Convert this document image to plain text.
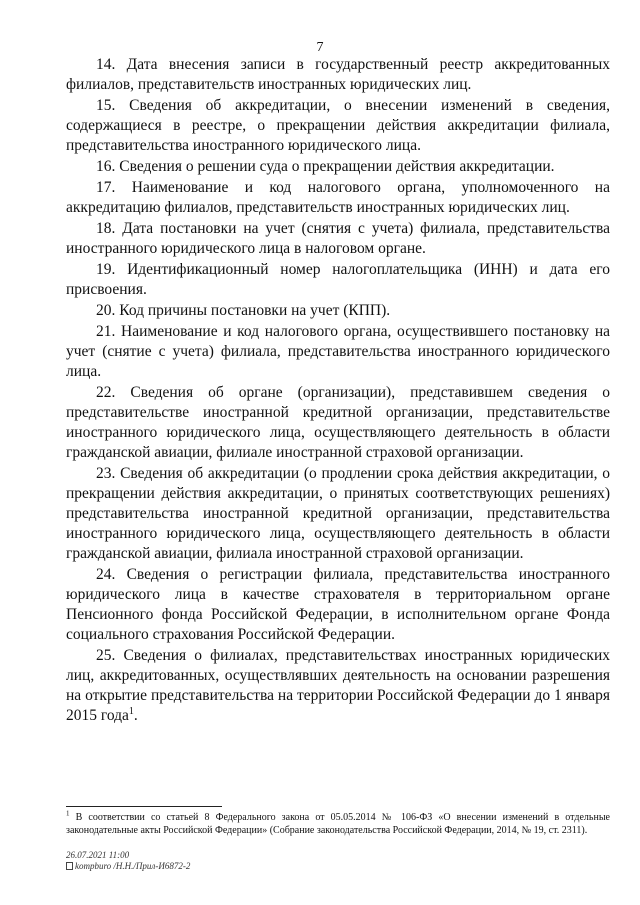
7

14. Дата внесения записи в государственный реестр аккредитованных филиалов, представительств иностранных юридических лиц.

15. Сведения об аккредитации, о внесении изменений в сведения, содержащиеся в реестре, о прекращении действия аккредитации филиала, представительства иностранного юридического лица.

16. Сведения о решении суда о прекращении действия аккредитации.

17. Наименование и код налогового органа, уполномоченного на аккредитацию филиалов, представительств иностранных юридических лиц.

18. Дата постановки на учет (снятия с учета) филиала, представительства иностранного юридического лица в налоговом органе.

19. Идентификационный номер налогоплательщика (ИНН) и дата его присвоения.

20. Код причины постановки на учет (КПП).

21. Наименование и код налогового органа, осуществившего постановку на учет (снятие с учета) филиала, представительства иностранного юридического лица.

22. Сведения об органе (организации), представившем сведения о представительстве иностранной кредитной организации, представительстве иностранного юридического лица, осуществляющего деятельность в области гражданской авиации, филиале иностранной страховой организации.

23. Сведения об аккредитации (о продлении срока действия аккредитации, о прекращении действия аккредитации, о принятых соответствующих решениях) представительства иностранной кредитной организации, представительства иностранного юридического лица, осуществляющего деятельность в области гражданской авиации, филиала иностранной страховой организации.

24. Сведения о регистрации филиала, представительства иностранного юридического лица в качестве страхователя в территориальном органе Пенсионного фонда Российской Федерации, в исполнительном органе Фонда социального страхования Российской Федерации.

25. Сведения о филиалах, представительствах иностранных юридических лиц, аккредитованных, осуществлявших деятельность на основании разрешения на открытие представительства на территории Российской Федерации до 1 января 2015 года$^1$.

$^1$ В соответствии со статьей 8 Федерального закона от 05.05.2014 № 106-ФЗ «О внесении изменений в отдельные законодательные акты Российской Федерации» (Собрание законодательства Российской Федерации, 2014, № 19, ст. 2311).
26.07.2021 11:00
kompburo /Н.Н./Прил-И6872-2
